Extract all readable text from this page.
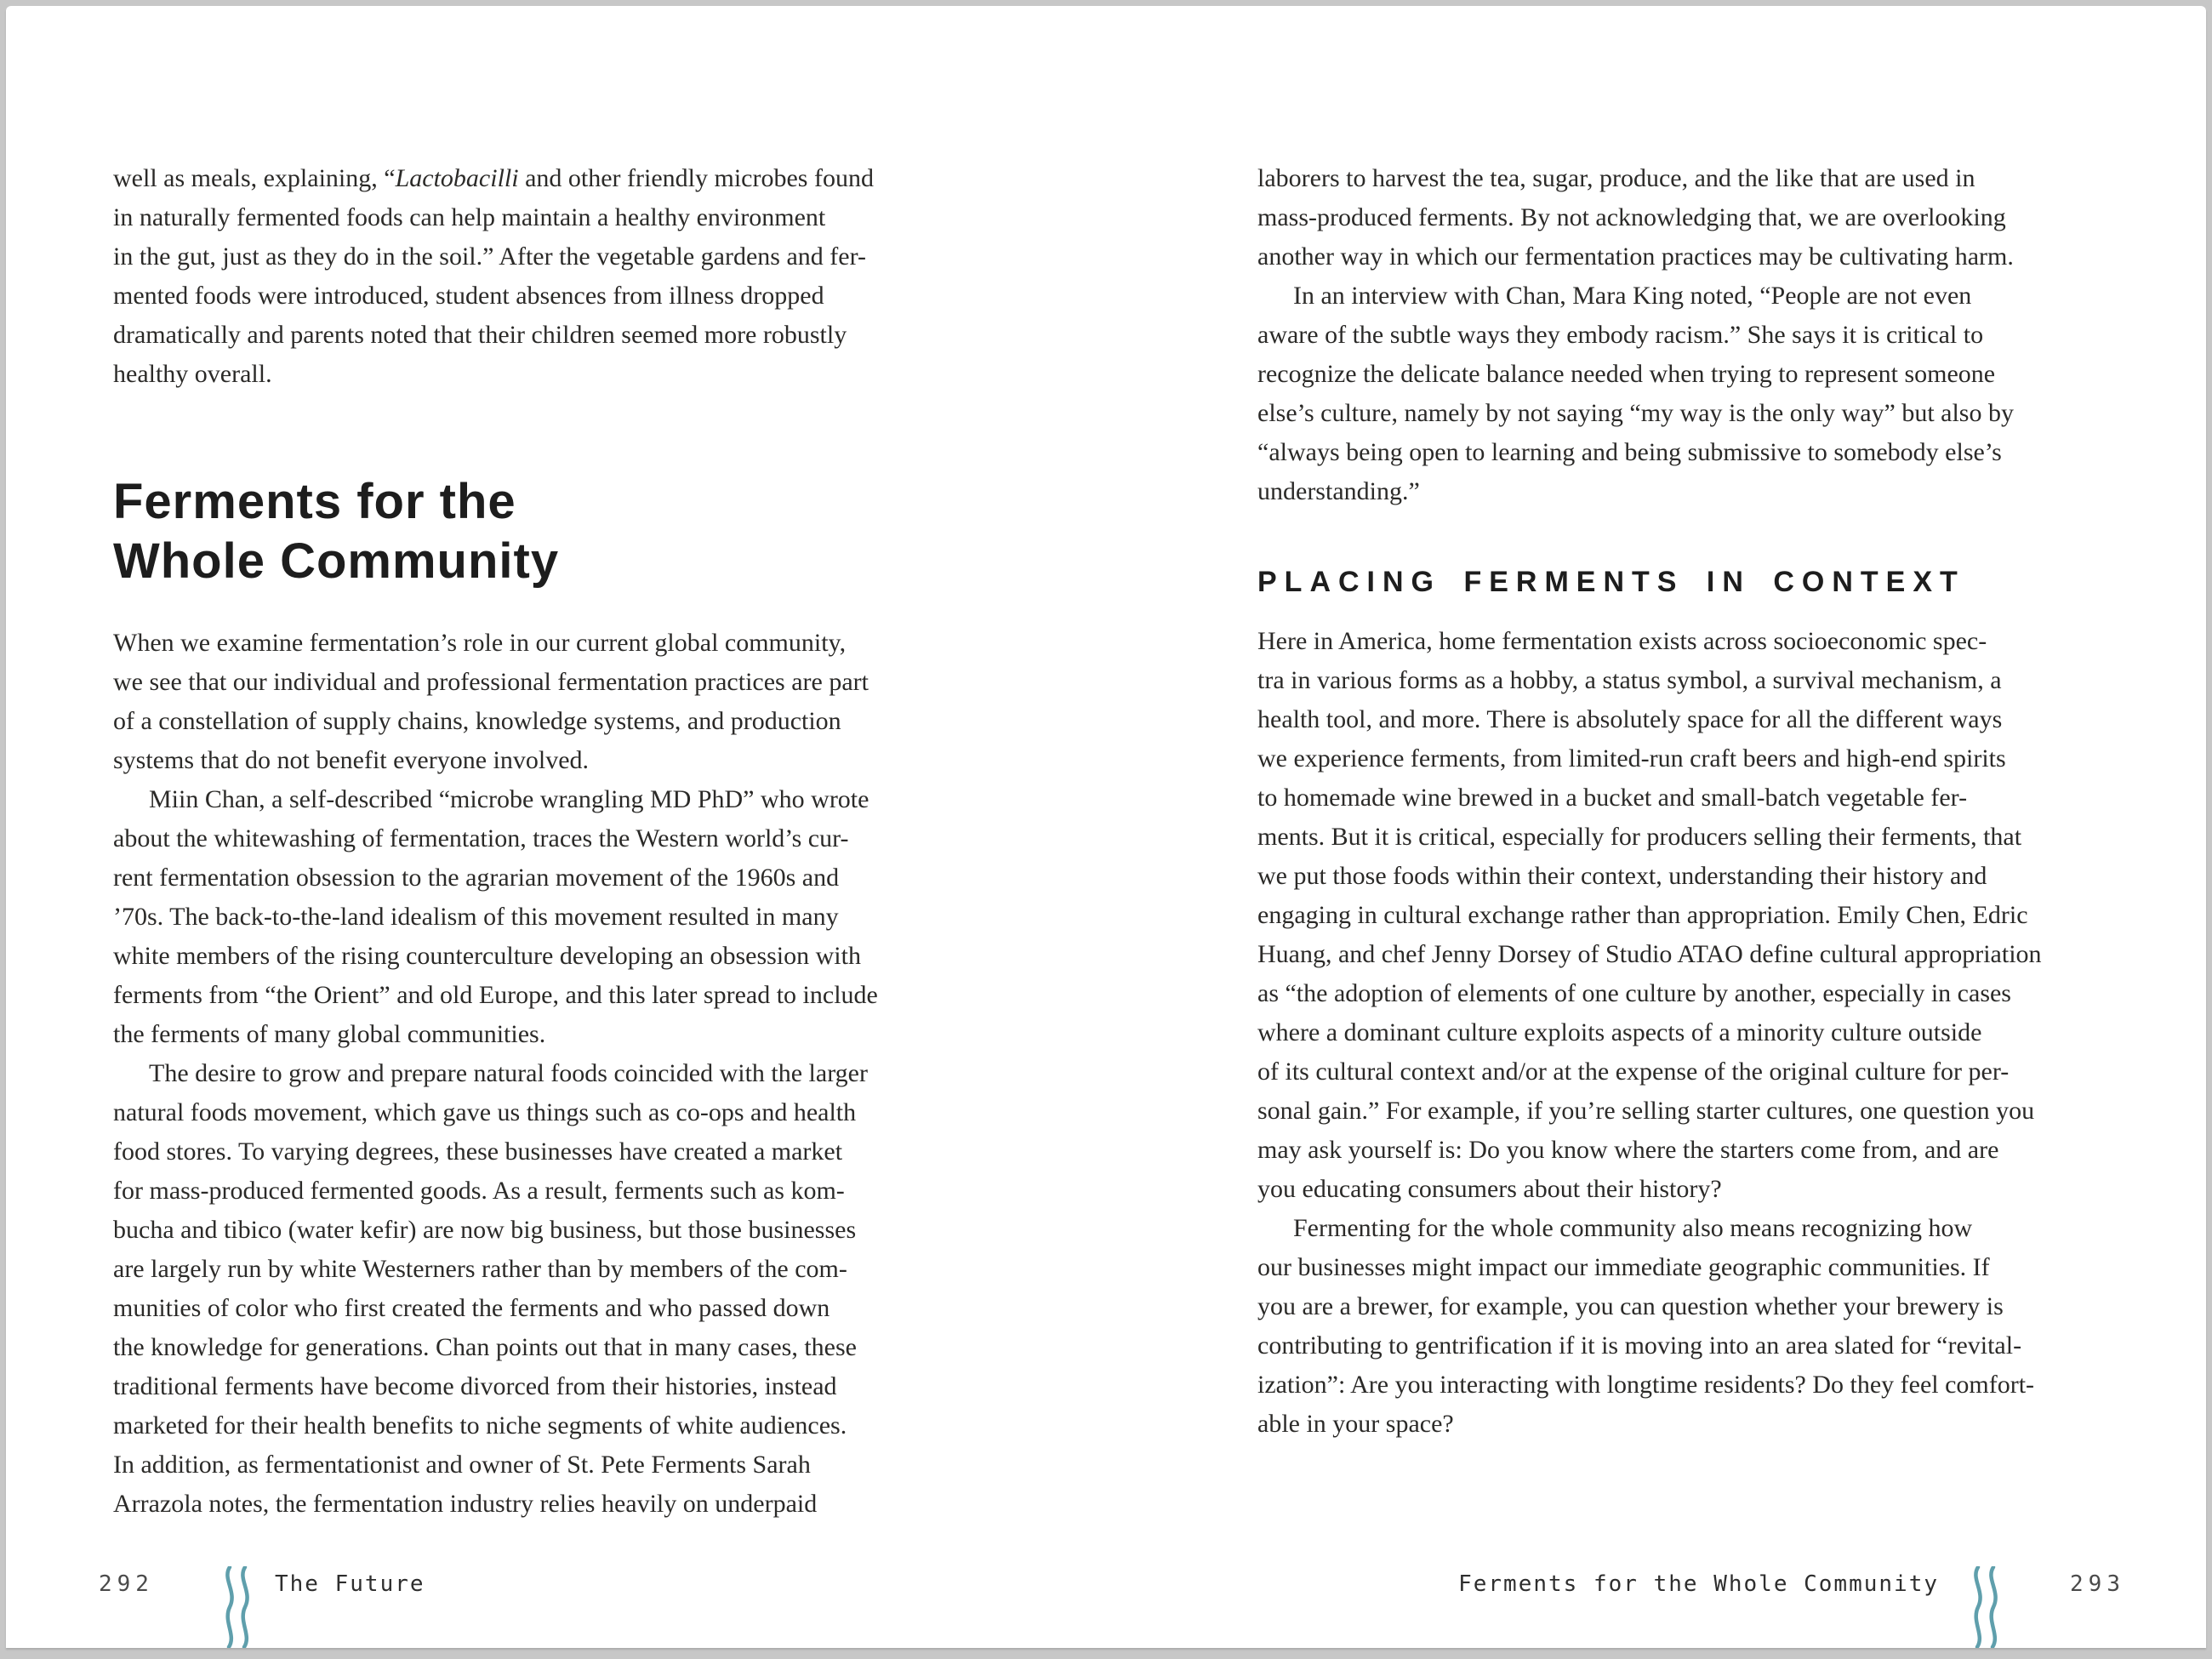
well as meals, explaining, “Lactobacilli and other friendly microbes found
in naturally fermented foods can help maintain a healthy environment
in the gut, just as they do in the soil.” After the vegetable gardens and fer-
mented foods were introduced, student absences from illness dropped
dramatically and parents noted that their children seemed more robustly
healthy overall.
Ferments for the
Whole Community
When we examine fermentation’s role in our current global community,
we see that our individual and professional fermentation practices are part
of a constellation of supply chains, knowledge systems, and production
systems that do not benefit everyone involved.
Miin Chan, a self-described “microbe wrangling MD PhD” who wrote
about the whitewashing of fermentation, traces the Western world’s cur-
rent fermentation obsession to the agrarian movement of the 1960s and
’70s. The back-to-the-land idealism of this movement resulted in many
white members of the rising counterculture developing an obsession with
ferments from “the Orient” and old Europe, and this later spread to include
the ferments of many global communities.
The desire to grow and prepare natural foods coincided with the larger
natural foods movement, which gave us things such as co-ops and health
food stores. To varying degrees, these businesses have created a market
for mass-produced fermented goods. As a result, ferments such as kom-
bucha and tibico (water kefir) are now big business, but those businesses
are largely run by white Westerners rather than by members of the com-
munities of color who first created the ferments and who passed down
the knowledge for generations. Chan points out that in many cases, these
traditional ferments have become divorced from their histories, instead
marketed for their health benefits to niche segments of white audiences.
In addition, as fermentationist and owner of St. Pete Ferments Sarah
Arrazola notes, the fermentation industry relies heavily on underpaid
laborers to harvest the tea, sugar, produce, and the like that are used in
mass-produced ferments. By not acknowledging that, we are overlooking
another way in which our fermentation practices may be cultivating harm.
In an interview with Chan, Mara King noted, “People are not even
aware of the subtle ways they embody racism.” She says it is critical to
recognize the delicate balance needed when trying to represent someone
else’s culture, namely by not saying “my way is the only way” but also by
“always being open to learning and being submissive to somebody else’s
understanding.”
PLACING FERMENTS IN CONTEXT
Here in America, home fermentation exists across socioeconomic spec-
tra in various forms as a hobby, a status symbol, a survival mechanism, a
health tool, and more. There is absolutely space for all the different ways
we experience ferments, from limited-run craft beers and high-end spirits
to homemade wine brewed in a bucket and small-batch vegetable fer-
ments. But it is critical, especially for producers selling their ferments, that
we put those foods within their context, understanding their history and
engaging in cultural exchange rather than appropriation. Emily Chen, Edric
Huang, and chef Jenny Dorsey of Studio ATAO define cultural appropriation
as “the adoption of elements of one culture by another, especially in cases
where a dominant culture exploits aspects of a minority culture outside
of its cultural context and/or at the expense of the original culture for per-
sonal gain.” For example, if you’re selling starter cultures, one question you
may ask yourself is: Do you know where the starters come from, and are
you educating consumers about their history?
Fermenting for the whole community also means recognizing how
our businesses might impact our immediate geographic communities. If
you are a brewer, for example, you can question whether your brewery is
contributing to gentrification if it is moving into an area slated for “revital-
ization”: Are you interacting with longtime residents? Do they feel comfort-
able in your space?
292	The Future	Ferments for the Whole Community	293
